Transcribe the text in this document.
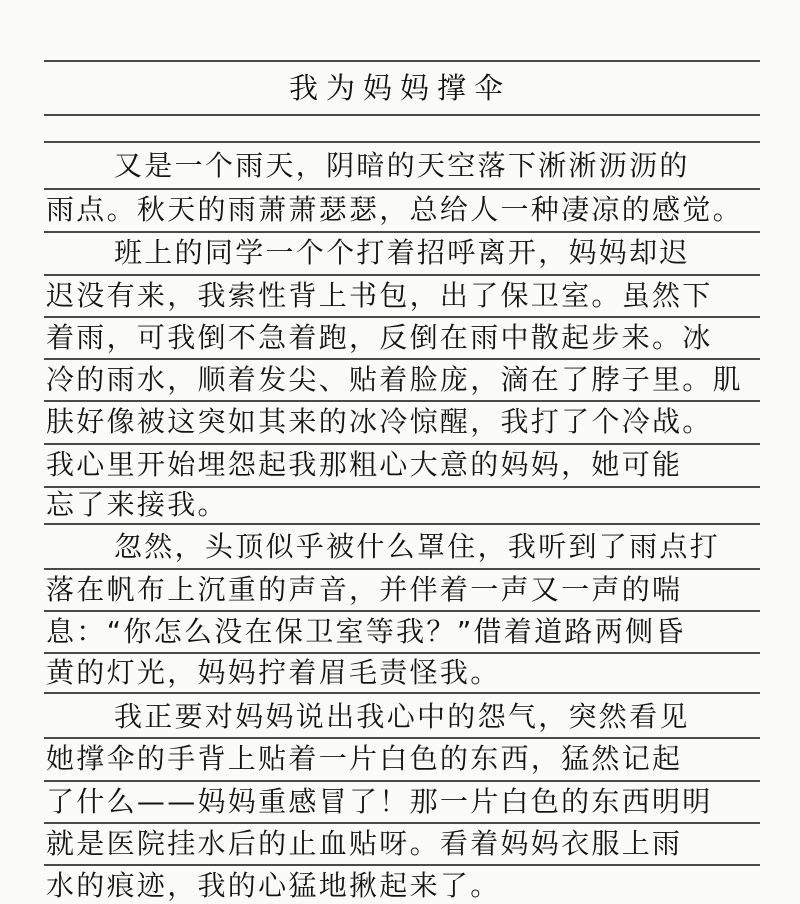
我为妈妈撑伞
又是一个雨天，阴暗的天空落下淅淅沥沥的
雨点。秋天的雨萧萧瑟瑟，总给人一种凄凉的感觉。
班上的同学一个个打着招呼离开，妈妈却迟
迟没有来，我索性背上书包，出了保卫室。虽然下
着雨，可我倒不急着跑，反倒在雨中散起步来。冰
冷的雨水，顺着发尖、贴着脸庞，滴在了脖子里。肌
肤好像被这突如其来的冰冷惊醒，我打了个冷战。
我心里开始埋怨起我那粗心大意的妈妈，她可能
忘了来接我。
忽然，头顶似乎被什么罩住，我听到了雨点打
落在帆布上沉重的声音，并伴着一声又一声的喘
息：“你怎么没在保卫室等我？”借着道路两侧昏
黄的灯光，妈妈拧着眉毛责怪我。
我正要对妈妈说出我心中的怨气，突然看见
她撑伞的手背上贴着一片白色的东西，猛然记起
了什么——妈妈重感冒了！那一片白色的东西明明
就是医院挂水后的止血贴呀。看着妈妈衣服上雨
水的痕迹，我的心猛地揪起来了。
